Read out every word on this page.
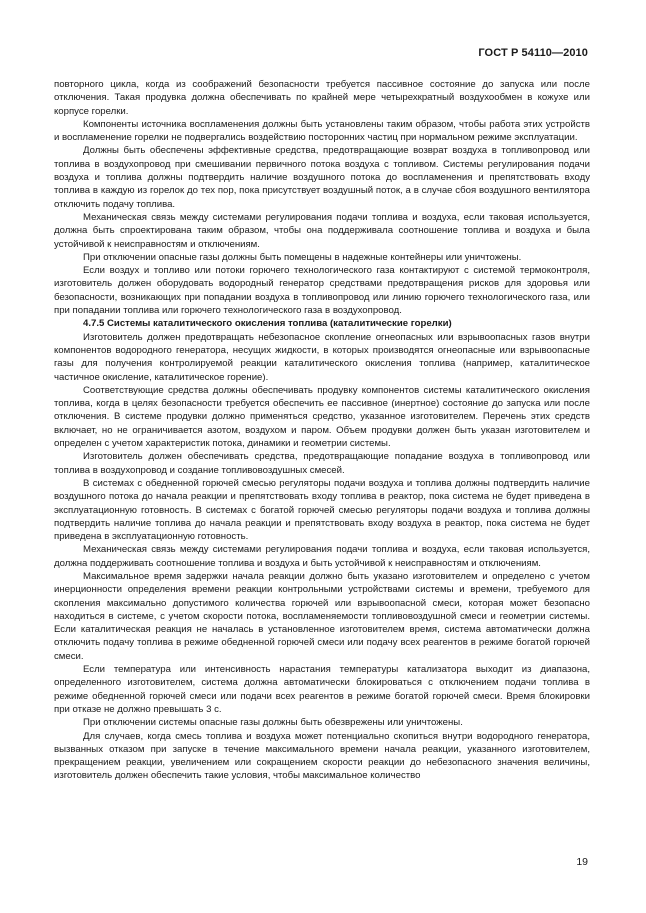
ГОСТ Р 54110—2010

повторного цикла, когда из соображений безопасности требуется пассивное состояние до запуска или после отключения. Такая продувка должна обеспечивать по крайней мере четырехкратный воздухообмен в кожухе или корпусе горелки.

Компоненты источника воспламенения должны быть установлены таким образом, чтобы работа этих устройств и воспламенение горелки не подвергались воздействию посторонних частиц при нормальном режиме эксплуатации.

Должны быть обеспечены эффективные средства, предотвращающие возврат воздуха в топливопровод или топлива в воздухопровод при смешивании первичного потока воздуха с топливом. Системы регулирования подачи воздуха и топлива должны подтвердить наличие воздушного потока до воспламенения и препятствовать входу топлива в каждую из горелок до тех пор, пока присутствует воздушный поток, а в случае сбоя воздушного вентилятора отключить подачу топлива.

Механическая связь между системами регулирования подачи топлива и воздуха, если таковая используется, должна быть спроектирована таким образом, чтобы она поддерживала соотношение топлива и воздуха и была устойчивой к неисправностям и отключениям.

При отключении опасные газы должны быть помещены в надежные контейнеры или уничтожены.

Если воздух и топливо или потоки горючего технологического газа контактируют с системой термоконтроля, изготовитель должен оборудовать водородный генератор средствами предотвращения рисков для здоровья или безопасности, возникающих при попадании воздуха в топливопровод или линию горючего технологического газа, или при попадании топлива или горючего технологического газа в воздухопровод.

4.7.5 Системы каталитического окисления топлива (каталитические горелки)

Изготовитель должен предотвращать небезопасное скопление огнеопасных или взрывоопасных газов внутри компонентов водородного генератора, несущих жидкости, в которых производятся огнеопасные или взрывоопасные газы для получения контролируемой реакции каталитического окисления топлива (например, каталитическое частичное окисление, каталитическое горение).

Соответствующие средства должны обеспечивать продувку компонентов системы каталитического окисления топлива, когда в целях безопасности требуется обеспечить ее пассивное (инертное) состояние до запуска или после отключения. В системе продувки должно применяться средство, указанное изготовителем. Перечень этих средств включает, но не ограничивается азотом, воздухом и паром. Объем продувки должен быть указан изготовителем и определен с учетом характеристик потока, динамики и геометрии системы.

Изготовитель должен обеспечивать средства, предотвращающие попадание воздуха в топливопровод или топлива в воздухопровод и создание топливовоздушных смесей.

В системах с обедненной горючей смесью регуляторы подачи воздуха и топлива должны подтвердить наличие воздушного потока до начала реакции и препятствовать входу топлива в реактор, пока система не будет приведена в эксплуатационную готовность. В системах с богатой горючей смесью регуляторы подачи воздуха и топлива должны подтвердить наличие топлива до начала реакции и препятствовать входу воздуха в реактор, пока система не будет приведена в эксплуатационную готовность.

Механическая связь между системами регулирования подачи топлива и воздуха, если таковая используется, должна поддерживать соотношение топлива и воздуха и быть устойчивой к неисправностям и отключениям.

Максимальное время задержки начала реакции должно быть указано изготовителем и определено с учетом инерционности определения времени реакции контрольными устройствами системы и времени, требуемого для скопления максимально допустимого количества горючей или взрывоопасной смеси, которая может безопасно находиться в системе, с учетом скорости потока, воспламеняемости топливовоздушной смеси и геометрии системы. Если каталитическая реакция не началась в установленное изготовителем время, система автоматически должна отключить подачу топлива в режиме обедненной горючей смеси или подачу всех реагентов в режиме богатой горючей смеси.

Если температура или интенсивность нарастания температуры катализатора выходит из диапазона, определенного изготовителем, система должна автоматически блокироваться с отключением подачи топлива в режиме обедненной горючей смеси или подачи всех реагентов в режиме богатой горючей смеси. Время блокировки при отказе не должно превышать 3 с.

При отключении системы опасные газы должны быть обезврежены или уничтожены.

Для случаев, когда смесь топлива и воздуха может потенциально скопиться внутри водородного генератора, вызванных отказом при запуске в течение максимального времени начала реакции, указанного изготовителем, прекращением реакции, увеличением или сокращением скорости реакции до небезопасного значения величины, изготовитель должен обеспечить такие условия, чтобы максимальное количество

19
